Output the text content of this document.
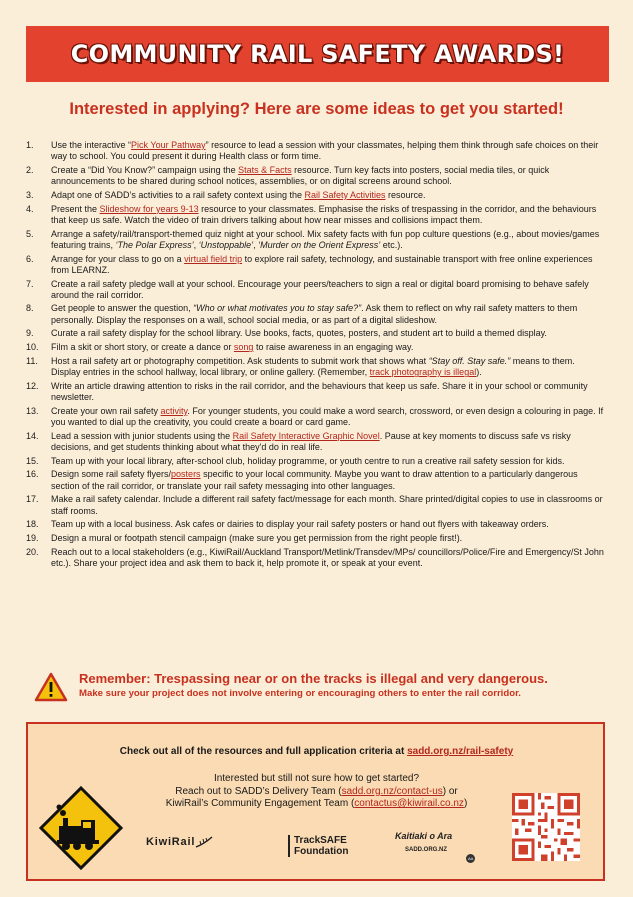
COMMUNITY RAIL SAFETY AWARDS!

Interested in applying? Here are some ideas to get you started!

1.	Use the interactive “Pick Your Pathway” resource to lead a session with your classmates, helping them think through safe choices on their way to school. You could present it during Health class or form time.
2.	Create a “Did You Know?” campaign using the Stats & Facts resource. Turn key facts into posters, social media tiles, or quick announcements to be shared during school notices, assemblies, or on digital screens around school.
3.	Adapt one of SADD’s activities to a rail safety context using the Rail Safety Activities resource.
4.	Present the Slideshow for years 9-13 resource to your classmates. Emphasise the risks of trespassing in the corridor, and the behaviours that keep us safe. Watch the video of train drivers talking about how near misses and collisions impact them.
5.	Arrange a safety/rail/transport-themed quiz night at your school. Mix safety facts with fun pop culture questions (e.g., about movies/games featuring trains, ‘The Polar Express’, ‘Unstoppable’, ‘Murder on the Orient Express’ etc.).
6.	Arrange for your class to go on a virtual field trip to explore rail safety, technology, and sustainable transport with free online experiences from LEARNZ.
7.	Create a rail safety pledge wall at your school. Encourage your peers/teachers to sign a real or digital board promising to behave safely around the rail corridor.
8.	Get people to answer the question, “Who or what motivates you to stay safe?”. Ask them to reflect on why rail safety matters to them personally. Display the responses on a wall, school social media, or as part of a digital slideshow.
9.	Curate a rail safety display for the school library. Use books, facts, quotes, posters, and student art to build a themed display.
10.	Film a skit or short story, or create a dance or song to raise awareness in an engaging way.
11.	Host a rail safety art or photography competition. Ask students to submit work that shows what “Stay off. Stay safe.” means to them. Display entries in the school hallway, local library, or online gallery. (Remember, track photography is illegal).
12.	Write an article drawing attention to risks in the rail corridor, and the behaviours that keep us safe. Share it in your school or community newsletter.
13.	Create your own rail safety activity. For younger students, you could make a word search, crossword, or even design a colouring in page. If you wanted to dial up the creativity, you could create a board or card game.
14.	Lead a session with junior students using the Rail Safety Interactive Graphic Novel. Pause at key moments to discuss safe vs risky decisions, and get students thinking about what they'd do in real life.
15.	Team up with your local library, after-school club, holiday programme, or youth centre to run a creative rail safety session for kids.
16.	Design some rail safety flyers/posters specific to your local community. Maybe you want to draw attention to a particularly dangerous section of the rail corridor, or translate your rail safety messaging into other languages.
17.	Make a rail safety calendar. Include a different rail safety fact/message for each month. Share printed/digital copies to use in classrooms or staff rooms.
18.	Team up with a local business. Ask cafes or dairies to display your rail safety posters or hand out flyers with takeaway orders.
19.	Design a mural or footpath stencil campaign (make sure you get permission from the right people first!).
20.	Reach out to a local stakeholders (e.g., KiwiRail/Auckland Transport/Metlink/Transdev/MPs/ councillors/Police/Fire and Emergency/St John etc.). Share your project idea and ask them to back it, help promote it, or speak at your event.

Remember: Trespassing near or on the tracks is illegal and very dangerous.

Make sure your project does not involve entering or encouraging others to enter the rail corridor.

Check out all of the resources and full application criteria at sadd.org.nz/rail-safety

Interested but still not sure how to get started?
Reach out to SADD’s Delivery Team (sadd.org.nz/contact-us) or
KiwiRail’s Community Engagement Team (contactus@kiwirail.co.nz)
KiwiRail	TrackSAFE
Foundation
Kaitiaki o Ara
SADD.ORG.NZ
AA
